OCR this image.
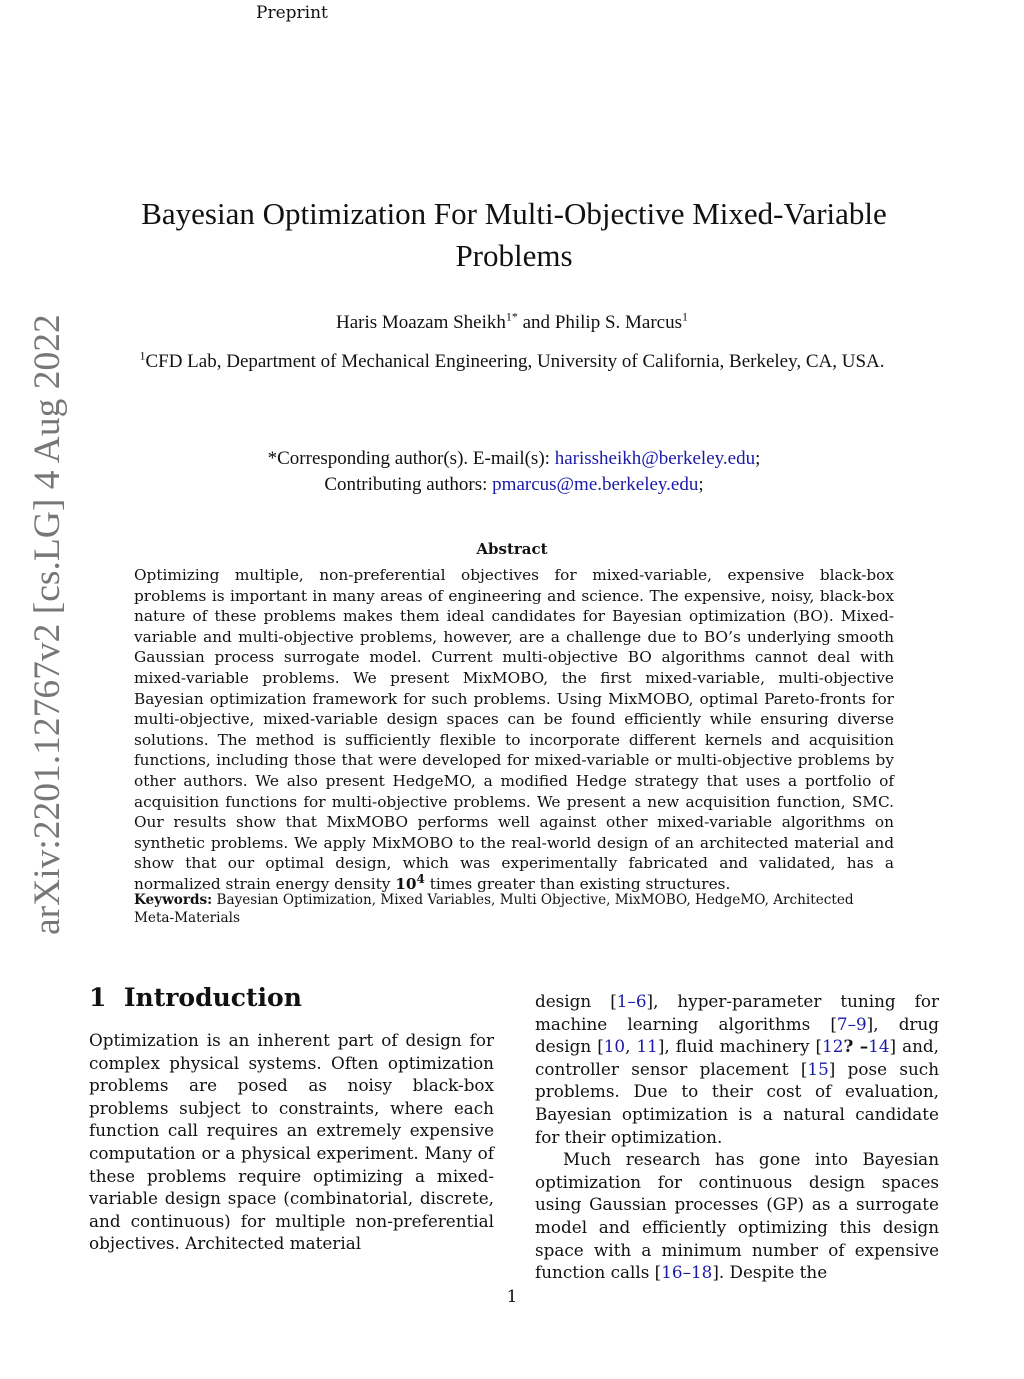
Preprint
arXiv:2201.12767v2 [cs.LG] 4 Aug 2022
Bayesian Optimization For Multi-Objective Mixed-Variable Problems
Haris Moazam Sheikh$^{1*}$ and Philip S. Marcus$^1$
$^1$CFD Lab, Department of Mechanical Engineering, University of California, Berkeley, CA, USA.
*Corresponding author(s). E-mail(s): harissheikh@berkeley.edu;
Contributing authors: pmarcus@me.berkeley.edu;
Abstract
Optimizing multiple, non-preferential objectives for mixed-variable, expensive black-box problems is important in many areas of engineering and science. The expensive, noisy, black-box nature of these problems makes them ideal candidates for Bayesian optimization (BO). Mixed-variable and multi-objective problems, however, are a challenge due to BO’s underlying smooth Gaussian process surrogate model. Current multi-objective BO algorithms cannot deal with mixed-variable problems. We present MixMOBO, the first mixed-variable, multi-objective Bayesian optimization framework for such problems. Using MixMOBO, optimal Pareto-fronts for multi-objective, mixed-variable design spaces can be found efficiently while ensuring diverse solutions. The method is sufficiently flexible to incorporate different kernels and acquisition functions, including those that were developed for mixed-variable or multi-objective problems by other authors. We also present HedgeMO, a modified Hedge strategy that uses a portfolio of acquisition functions for multi-objective problems. We present a new acquisition function, SMC. Our results show that MixMOBO performs well against other mixed-variable algorithms on synthetic problems. We apply MixMOBO to the real-world design of an architected material and show that our optimal design, which was experimentally fabricated and validated, has a normalized strain energy density $10^4$ times greater than existing structures.
Keywords: Bayesian Optimization, Mixed Variables, Multi Objective, MixMOBO, HedgeMO, Architected Meta-Materials
1 Introduction

Optimization is an inherent part of design for complex physical systems. Often optimization problems are posed as noisy black-box problems subject to constraints, where each function call requires an extremely expensive computation or a physical experiment. Many of these problems require optimizing a mixed-variable design space (combinatorial, discrete, and continuous) for multiple non-preferential objectives. Architected material

design [1–6], hyper-parameter tuning for machine learning algorithms [7–9], drug design [10, 11], fluid machinery [12? –14] and, controller sensor placement [15] pose such problems. Due to their cost of evaluation, Bayesian optimization is a natural candidate for their optimization.

Much research has gone into Bayesian optimization for continuous design spaces using Gaussian processes (GP) as a surrogate model and efficiently optimizing this design space with a minimum number of expensive function calls [16–18]. Despite the

1
